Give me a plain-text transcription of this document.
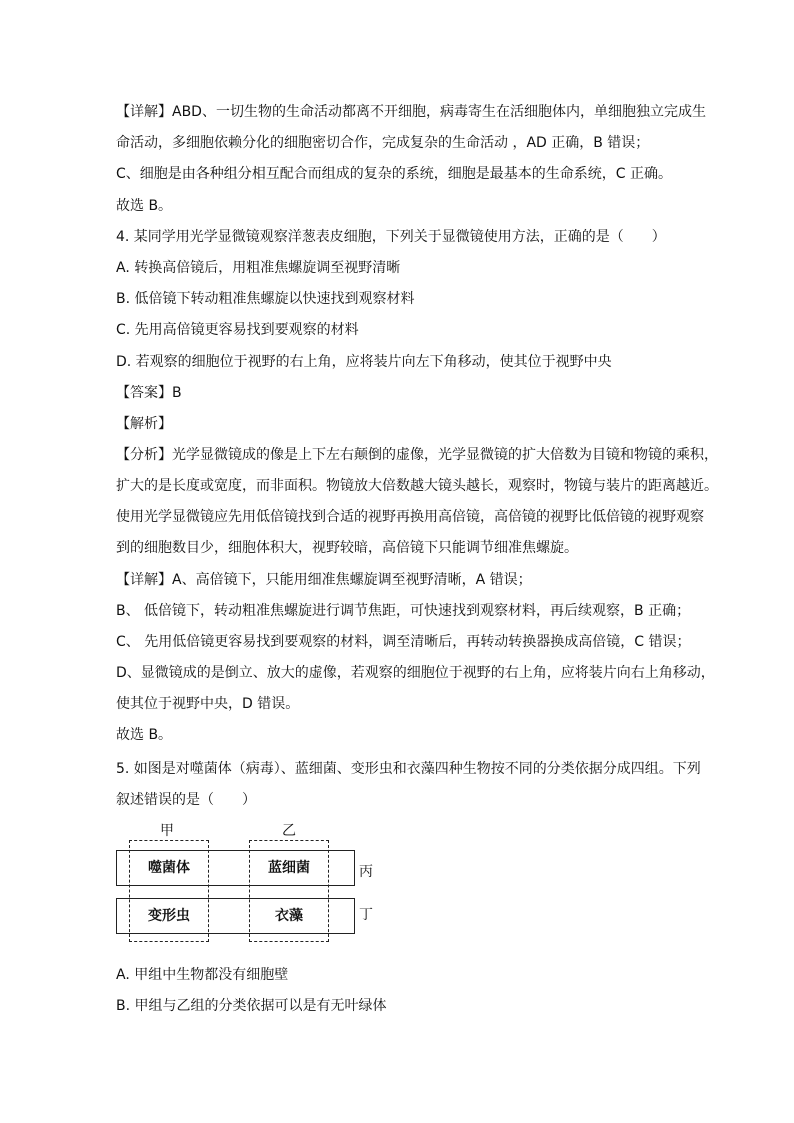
【详解】ABD、一切生物的生命活动都离不开细胞，病毒寄生在活细胞体内，单细胞独立完成生
命活动，多细胞依赖分化的细胞密切合作，完成复杂的生命活动 ，AD 正确，B 错误；
C、细胞是由各种组分相互配合而组成的复杂的系统，细胞是最基本的生命系统，C 正确。
故选 B。
4. 某同学用光学显微镜观察洋葱表皮细胞，下列关于显微镜使用方法，正确的是（　　）
A. 转换高倍镜后，用粗准焦螺旋调至视野清晰
B. 低倍镜下转动粗准焦螺旋以快速找到观察材料
C. 先用高倍镜更容易找到要观察的材料
D. 若观察的细胞位于视野的右上角，应将装片向左下角移动，使其位于视野中央
【答案】B
【解析】
【分析】光学显微镜成的像是上下左右颠倒的虚像，光学显微镜的扩大倍数为目镜和物镜的乘积，
扩大的是长度或宽度，而非面积。物镜放大倍数越大镜头越长，观察时，物镜与装片的距离越近。
使用光学显微镜应先用低倍镜找到合适的视野再换用高倍镜，高倍镜的视野比低倍镜的视野观察
到的细胞数目少，细胞体积大，视野较暗，高倍镜下只能调节细准焦螺旋。
【详解】A、高倍镜下，只能用细准焦螺旋调至视野清晰，A 错误；
B、 低倍镜下，转动粗准焦螺旋进行调节焦距，可快速找到观察材料，再后续观察，B 正确；
C、 先用低倍镜更容易找到要观察的材料，调至清晰后，再转动转换器换成高倍镜，C 错误；
D、显微镜成的是倒立、放大的虚像，若观察的细胞位于视野的右上角，应将装片向右上角移动，
使其位于视野中央，D 错误。
故选 B。
5. 如图是对噬菌体（病毒）、蓝细菌、变形虫和衣藻四种生物按不同的分类依据分成四组。下列
叙述错误的是（　　）
甲	乙
噬菌体	蓝细菌
变形虫	衣藻
丙
丁
A. 甲组中生物都没有细胞壁
B. 甲组与乙组的分类依据可以是有无叶绿体
